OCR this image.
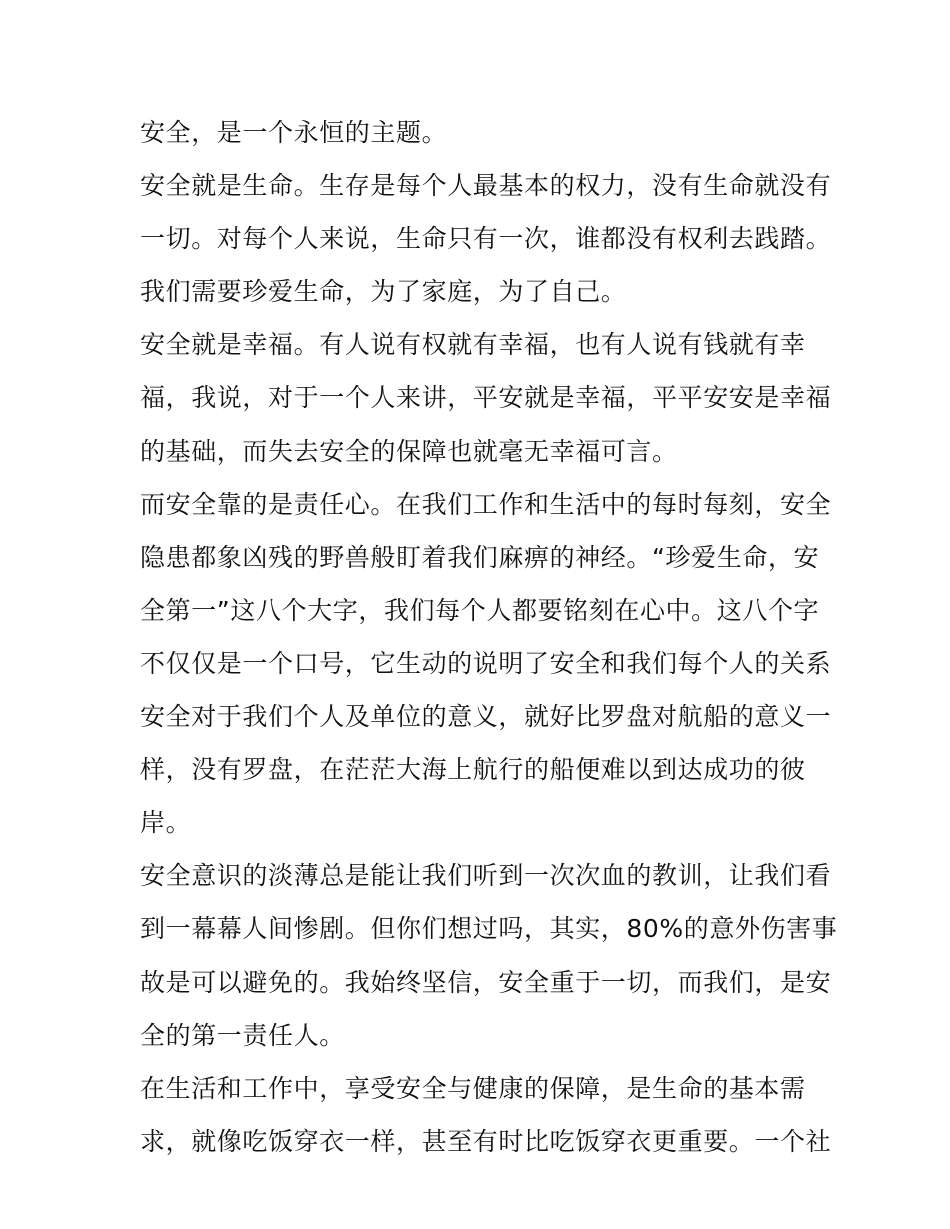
安全，是一个永恒的主题。
安全就是生命。生存是每个人最基本的权力，没有生命就没有
一切。对每个人来说，生命只有一次，谁都没有权利去践踏。
我们需要珍爱生命，为了家庭，为了自己。
安全就是幸福。有人说有权就有幸福，也有人说有钱就有幸
福，我说，对于一个人来讲，平安就是幸福，平平安安是幸福
的基础，而失去安全的保障也就毫无幸福可言。
而安全靠的是责任心。在我们工作和生活中的每时每刻，安全
隐患都象凶残的野兽般盯着我们麻痹的神经。“珍爱生命，安
全第一”这八个大字，我们每个人都要铭刻在心中。这八个字
不仅仅是一个口号，它生动的说明了安全和我们每个人的关系
安全对于我们个人及单位的意义，就好比罗盘对航船的意义一
样，没有罗盘，在茫茫大海上航行的船便难以到达成功的彼
岸。
安全意识的淡薄总是能让我们听到一次次血的教训，让我们看
到一幕幕人间惨剧。但你们想过吗，其实，80%的意外伤害事
故是可以避免的。我始终坚信，安全重于一切，而我们，是安
全的第一责任人。
在生活和工作中，享受安全与健康的保障，是生命的基本需
求，就像吃饭穿衣一样，甚至有时比吃饭穿衣更重要。一个社
